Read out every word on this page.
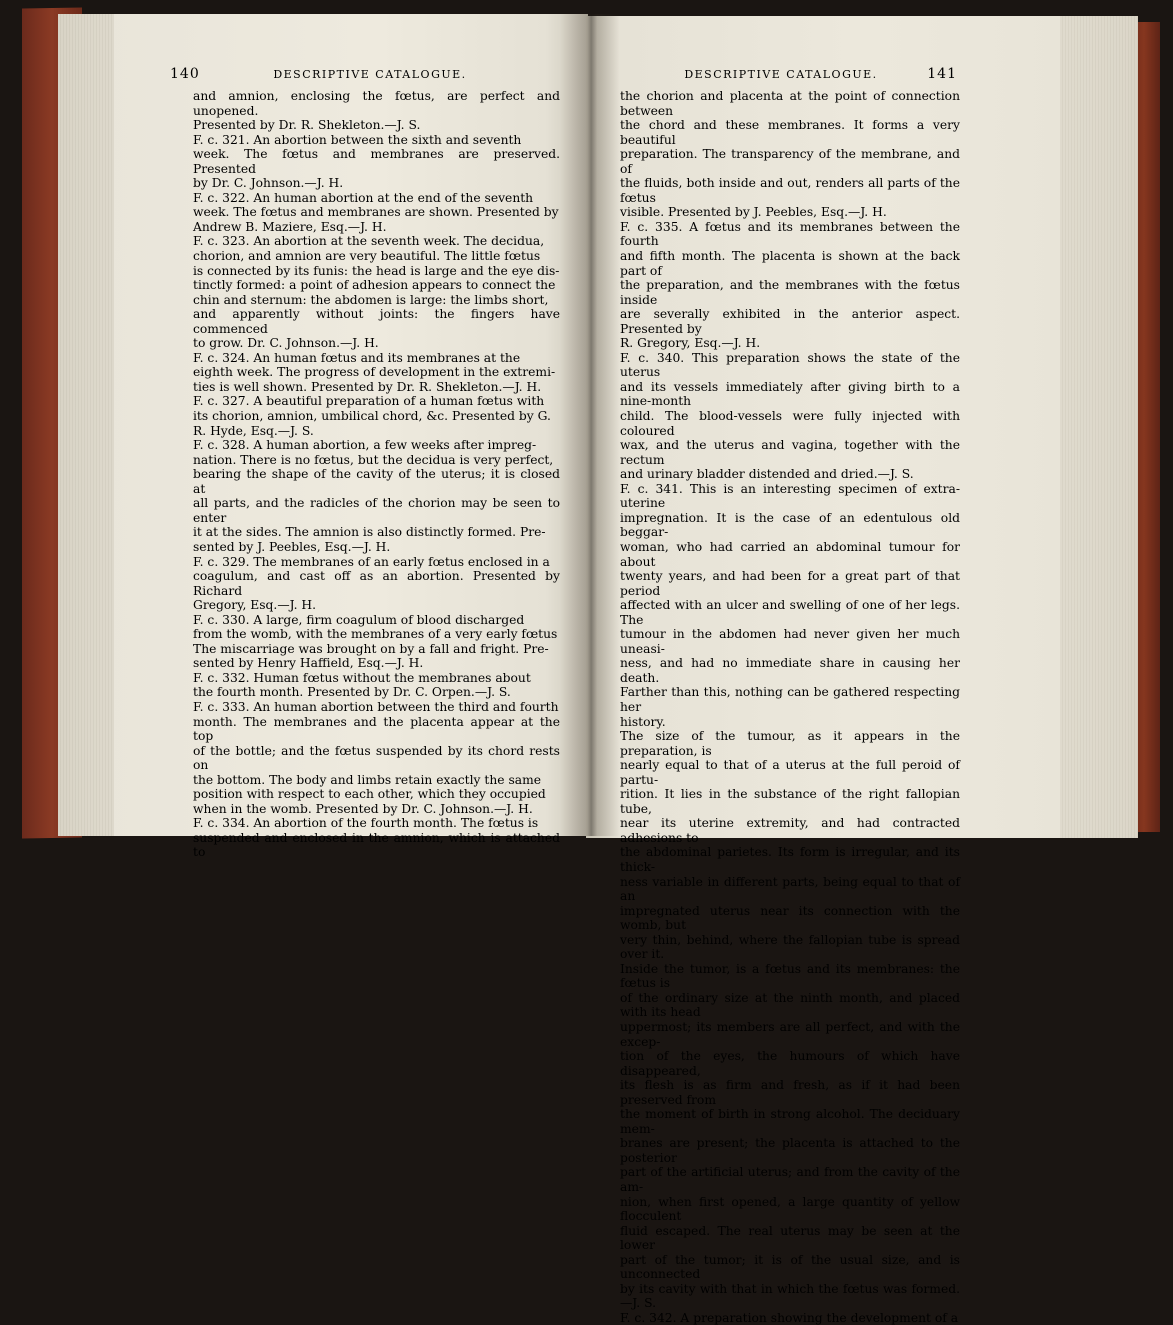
140	DESCRIPTIVE CATALOGUE.	DESCRIPTIVE CATALOGUE.	141

and amnion, enclosing the fœtus, are perfect and unopened.

Presented by Dr. R. Shekleton.—J. S.

F. c. 321. An abortion between the sixth and seventh

week. The fœtus and membranes are preserved. Presented

by Dr. C. Johnson.—J. H.

F. c. 322. An human abortion at the end of the seventh

week. The fœtus and membranes are shown. Presented by

Andrew B. Maziere, Esq.—J. H.

F. c. 323. An abortion at the seventh week. The decidua,

chorion, and amnion are very beautiful. The little fœtus

is connected by its funis: the head is large and the eye dis-

tinctly formed: a point of adhesion appears to connect the

chin and sternum: the abdomen is large: the limbs short,

and apparently without joints: the fingers have commenced

to grow. Dr. C. Johnson.—J. H.

F. c. 324. An human fœtus and its membranes at the

eighth week. The progress of development in the extremi-

ties is well shown. Presented by Dr. R. Shekleton.—J. H.

F. c. 327. A beautiful preparation of a human fœtus with

its chorion, amnion, umbilical chord, &c. Presented by G.

R. Hyde, Esq.—J. S.

F. c. 328. A human abortion, a few weeks after impreg-

nation. There is no fœtus, but the decidua is very perfect,

bearing the shape of the cavity of the uterus; it is closed at

all parts, and the radicles of the chorion may be seen to enter

it at the sides. The amnion is also distinctly formed. Pre-

sented by J. Peebles, Esq.—J. H.

F. c. 329. The membranes of an early fœtus enclosed in a

coagulum, and cast off as an abortion. Presented by Richard

Gregory, Esq.—J. H.

F. c. 330. A large, firm coagulum of blood discharged

from the womb, with the membranes of a very early fœtus

The miscarriage was brought on by a fall and fright. Pre-

sented by Henry Haffield, Esq.—J. H.

F. c. 332. Human fœtus without the membranes about

the fourth month. Presented by Dr. C. Orpen.—J. S.

F. c. 333. An human abortion between the third and fourth

month. The membranes and the placenta appear at the top

of the bottle; and the fœtus suspended by its chord rests on

the bottom. The body and limbs retain exactly the same

position with respect to each other, which they occupied

when in the womb. Presented by Dr. C. Johnson.—J. H.

F. c. 334. An abortion of the fourth month. The fœtus is

suspended and enclosed in the amnion, which is attached to

the chorion and placenta at the point of connection between

the chord and these membranes. It forms a very beautiful

preparation. The transparency of the membrane, and of

the fluids, both inside and out, renders all parts of the fœtus

visible. Presented by J. Peebles, Esq.—J. H.

F. c. 335. A fœtus and its membranes between the fourth

and fifth month. The placenta is shown at the back part of

the preparation, and the membranes with the fœtus inside

are severally exhibited in the anterior aspect. Presented by

R. Gregory, Esq.—J. H.

F. c. 340. This preparation shows the state of the uterus

and its vessels immediately after giving birth to a nine-month

child. The blood-vessels were fully injected with coloured

wax, and the uterus and vagina, together with the rectum

and urinary bladder distended and dried.—J. S.

F. c. 341. This is an interesting specimen of extra-uterine

impregnation. It is the case of an edentulous old beggar-

woman, who had carried an abdominal tumour for about

twenty years, and had been for a great part of that period

affected with an ulcer and swelling of one of her legs. The

tumour in the abdomen had never given her much uneasi-

ness, and had no immediate share in causing her death.

Farther than this, nothing can be gathered respecting her

history.

The size of the tumour, as it appears in the preparation, is

nearly equal to that of a uterus at the full peroid of partu-

rition. It lies in the substance of the right fallopian tube,

near its uterine extremity, and had contracted adhesions to

the abdominal parietes. Its form is irregular, and its thick-

ness variable in different parts, being equal to that of an

impregnated uterus near its connection with the womb, but

very thin, behind, where the fallopian tube is spread over it.

Inside the tumor, is a fœtus and its membranes: the fœtus is

of the ordinary size at the ninth month, and placed with its head

uppermost; its members are all perfect, and with the excep-

tion of the eyes, the humours of which have disappeared,

its flesh is as firm and fresh, as if it had been preserved from

the moment of birth in strong alcohol. The deciduary mem-

branes are present; the placenta is attached to the posterior

part of the artificial uterus; and from the cavity of the am-

nion, when first opened, a large quantity of yellow flocculent

fluid escaped. The real uterus may be seen at the lower

part of the tumor; it is of the usual size, and is unconnected

by its cavity with that in which the fœtus was formed.—J. S.

F. c. 342. A preparation showing the development of a
